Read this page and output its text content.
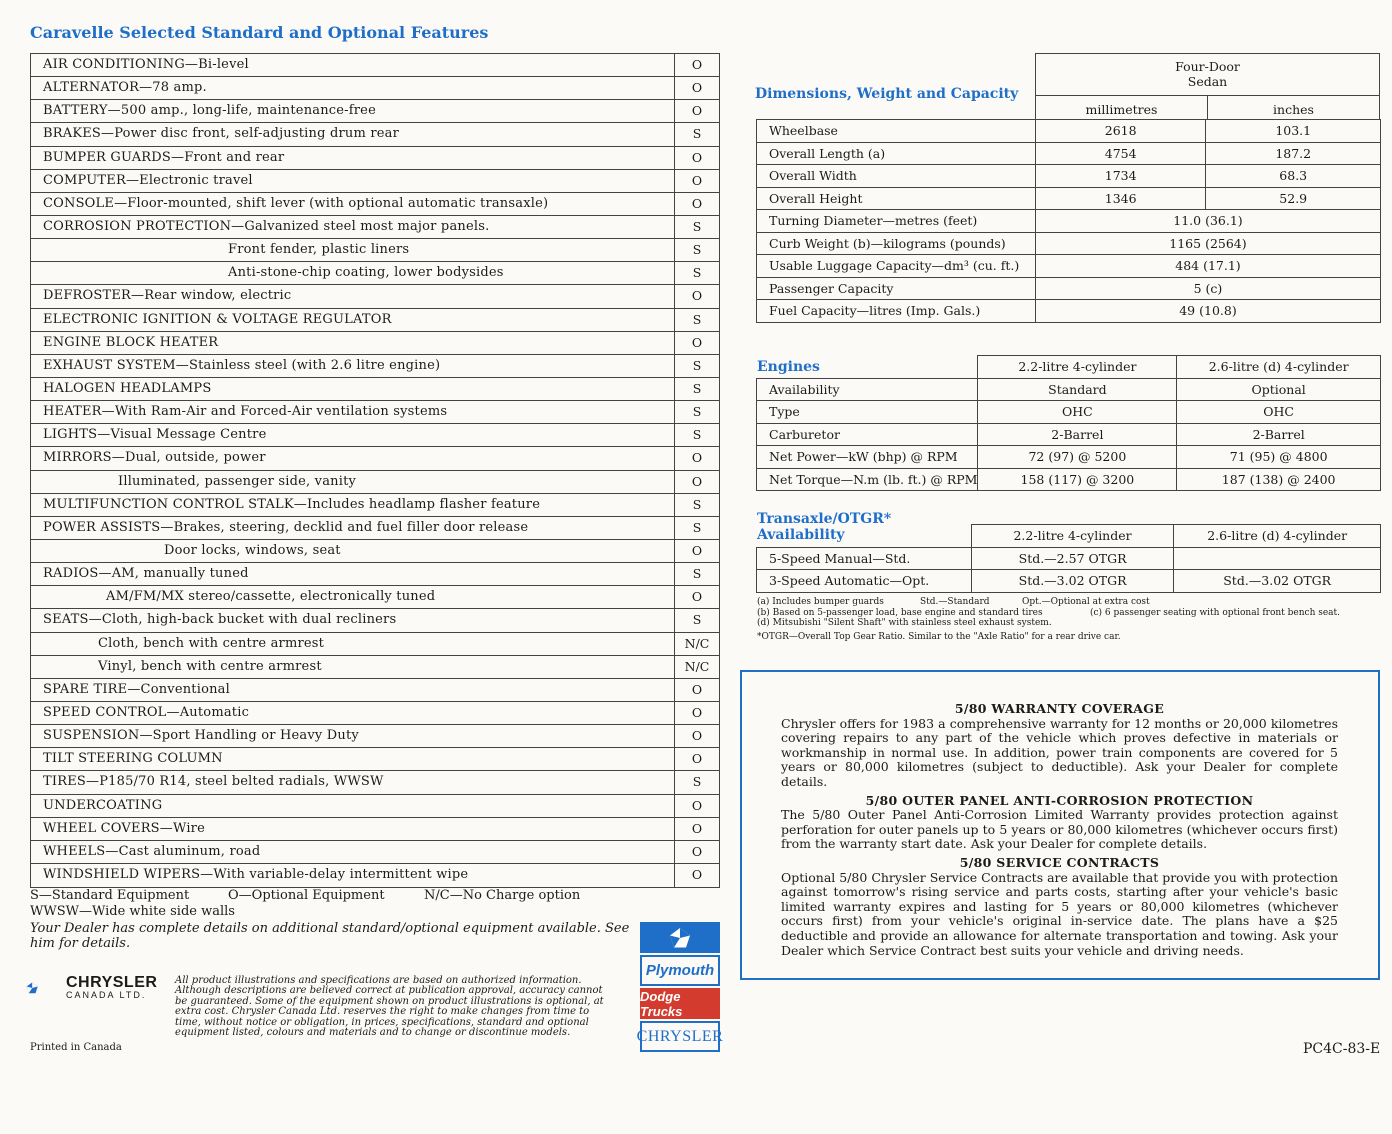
Caravelle Selected Standard and Optional Features
AIR CONDITIONING—Bi-level	O
ALTERNATOR—78 amp.	O
BATTERY—500 amp., long-life, maintenance-free	O
BRAKES—Power disc front, self-adjusting drum rear	S
BUMPER GUARDS—Front and rear	O
COMPUTER—Electronic travel	O
CONSOLE—Floor-mounted, shift lever (with optional automatic transaxle)	O
CORROSION PROTECTION—Galvanized steel most major panels.	S
Front fender, plastic liners	S
Anti-stone-chip coating, lower bodysides	S
DEFROSTER—Rear window, electric	O
ELECTRONIC IGNITION & VOLTAGE REGULATOR	S
ENGINE BLOCK HEATER	O
EXHAUST SYSTEM—Stainless steel (with 2.6 litre engine)	S
HALOGEN HEADLAMPS	S
HEATER—With Ram-Air and Forced-Air ventilation systems	S
LIGHTS—Visual Message Centre	S
MIRRORS—Dual, outside, power	O
Illuminated, passenger side, vanity	O
MULTIFUNCTION CONTROL STALK—Includes headlamp flasher feature	S
POWER ASSISTS—Brakes, steering, decklid and fuel filler door release	S
Door locks, windows, seat	O
RADIOS—AM, manually tuned	S
AM/FM/MX stereo/cassette, electronically tuned	O
SEATS—Cloth, high-back bucket with dual recliners	S
Cloth, bench with centre armrest	N/C
Vinyl, bench with centre armrest	N/C
SPARE TIRE—Conventional	O
SPEED CONTROL—Automatic	O
SUSPENSION—Sport Handling or Heavy Duty	O
TILT STEERING COLUMN	O
TIRES—P185/70 R14, steel belted radials, WWSW	S
UNDERCOATING	O
WHEEL COVERS—Wire	O
WHEELS—Cast aluminum, road	O
WINDSHIELD WIPERS—With variable-delay intermittent wipe	O
S—Standard Equipment	O—Optional Equipment	N/C—No Charge option
WWSW—Wide white side walls
Your Dealer has complete details on additional standard/optional equipment available. See him for details.
CHRYSLER
CANADA LTD.
All product illustrations and specifications are based on authorized information. Although descriptions are believed correct at publication approval, accuracy cannot be guaranteed. Some of the equipment shown on product illustrations is optional, at extra cost. Chrysler Canada Ltd. reserves the right to make changes from time to time, without notice or obligation, in prices, specifications, standard and optional equipment listed, colours and materials and to change or discontinue models.
Printed in Canada
Plymouth
Dodge Trucks
CHRYSLER
Dimensions, Weight and Capacity
Four-Door Sedan
millimetres	inches
Wheelbase	2618	103.1
Overall Length (a)	4754	187.2
Overall Width	1734	68.3
Overall Height	1346	52.9
Turning Diameter—metres (feet)	11.0 (36.1)	
Curb Weight (b)—kilograms (pounds)	1165 (2564)	
Usable Luggage Capacity—dm³ (cu. ft.)	484 (17.1)	
Passenger Capacity	5 (c)	
Fuel Capacity—litres (Imp. Gals.)	49 (10.8)	
Engines
		2.2-litre 4-cylinder	2.6-litre (d) 4-cylinder
Availability	Standard	Optional
Type	OHC	OHC
Carburetor	2-Barrel	2-Barrel
Net Power—kW (bhp) @ RPM	72 (97) @ 5200	71 (95) @ 4800
Net Torque—N.m (lb. ft.) @ RPM	158 (117) @ 3200	187 (138) @ 2400
Transaxle/OTGR*
Availability
		2.2-litre 4-cylinder	2.6-litre (d) 4-cylinder
5-Speed Manual—Std.	Std.—2.57 OTGR	
3-Speed Automatic—Opt.	Std.—3.02 OTGR	Std.—3.02 OTGR
(a) Includes bumper guards	Std.—Standard	Opt.—Optional at extra cost
(b) Based on 5-passenger load, base engine and standard tires	(c) 6 passenger seating with optional front bench seat.
(d) Mitsubishi "Silent Shaft" with stainless steel exhaust system.
*OTGR—Overall Top Gear Ratio. Similar to the "Axle Ratio" for a rear drive car.
5/80 WARRANTY COVERAGE

Chrysler offers for 1983 a comprehensive warranty for 12 months or 20,000 kilometres covering repairs to any part of the vehicle which proves defective in materials or workmanship in normal use. In addition, power train components are covered for 5 years or 80,000 kilometres (subject to deductible). Ask your Dealer for complete details.

5/80 OUTER PANEL ANTI-CORROSION PROTECTION

The 5/80 Outer Panel Anti-Corrosion Limited Warranty provides protection against perforation for outer panels up to 5 years or 80,000 kilometres (whichever occurs first) from the warranty start date. Ask your Dealer for complete details.

5/80 SERVICE CONTRACTS

Optional 5/80 Chrysler Service Contracts are available that provide you with protection against tomorrow's rising service and parts costs, starting after your vehicle's basic limited warranty expires and lasting for 5 years or 80,000 kilometres (whichever occurs first) from your vehicle's original in-service date. The plans have a $25 deductible and provide an allowance for alternate transportation and towing. Ask your Dealer which Service Contract best suits your vehicle and driving needs.

PC4C-83-E
